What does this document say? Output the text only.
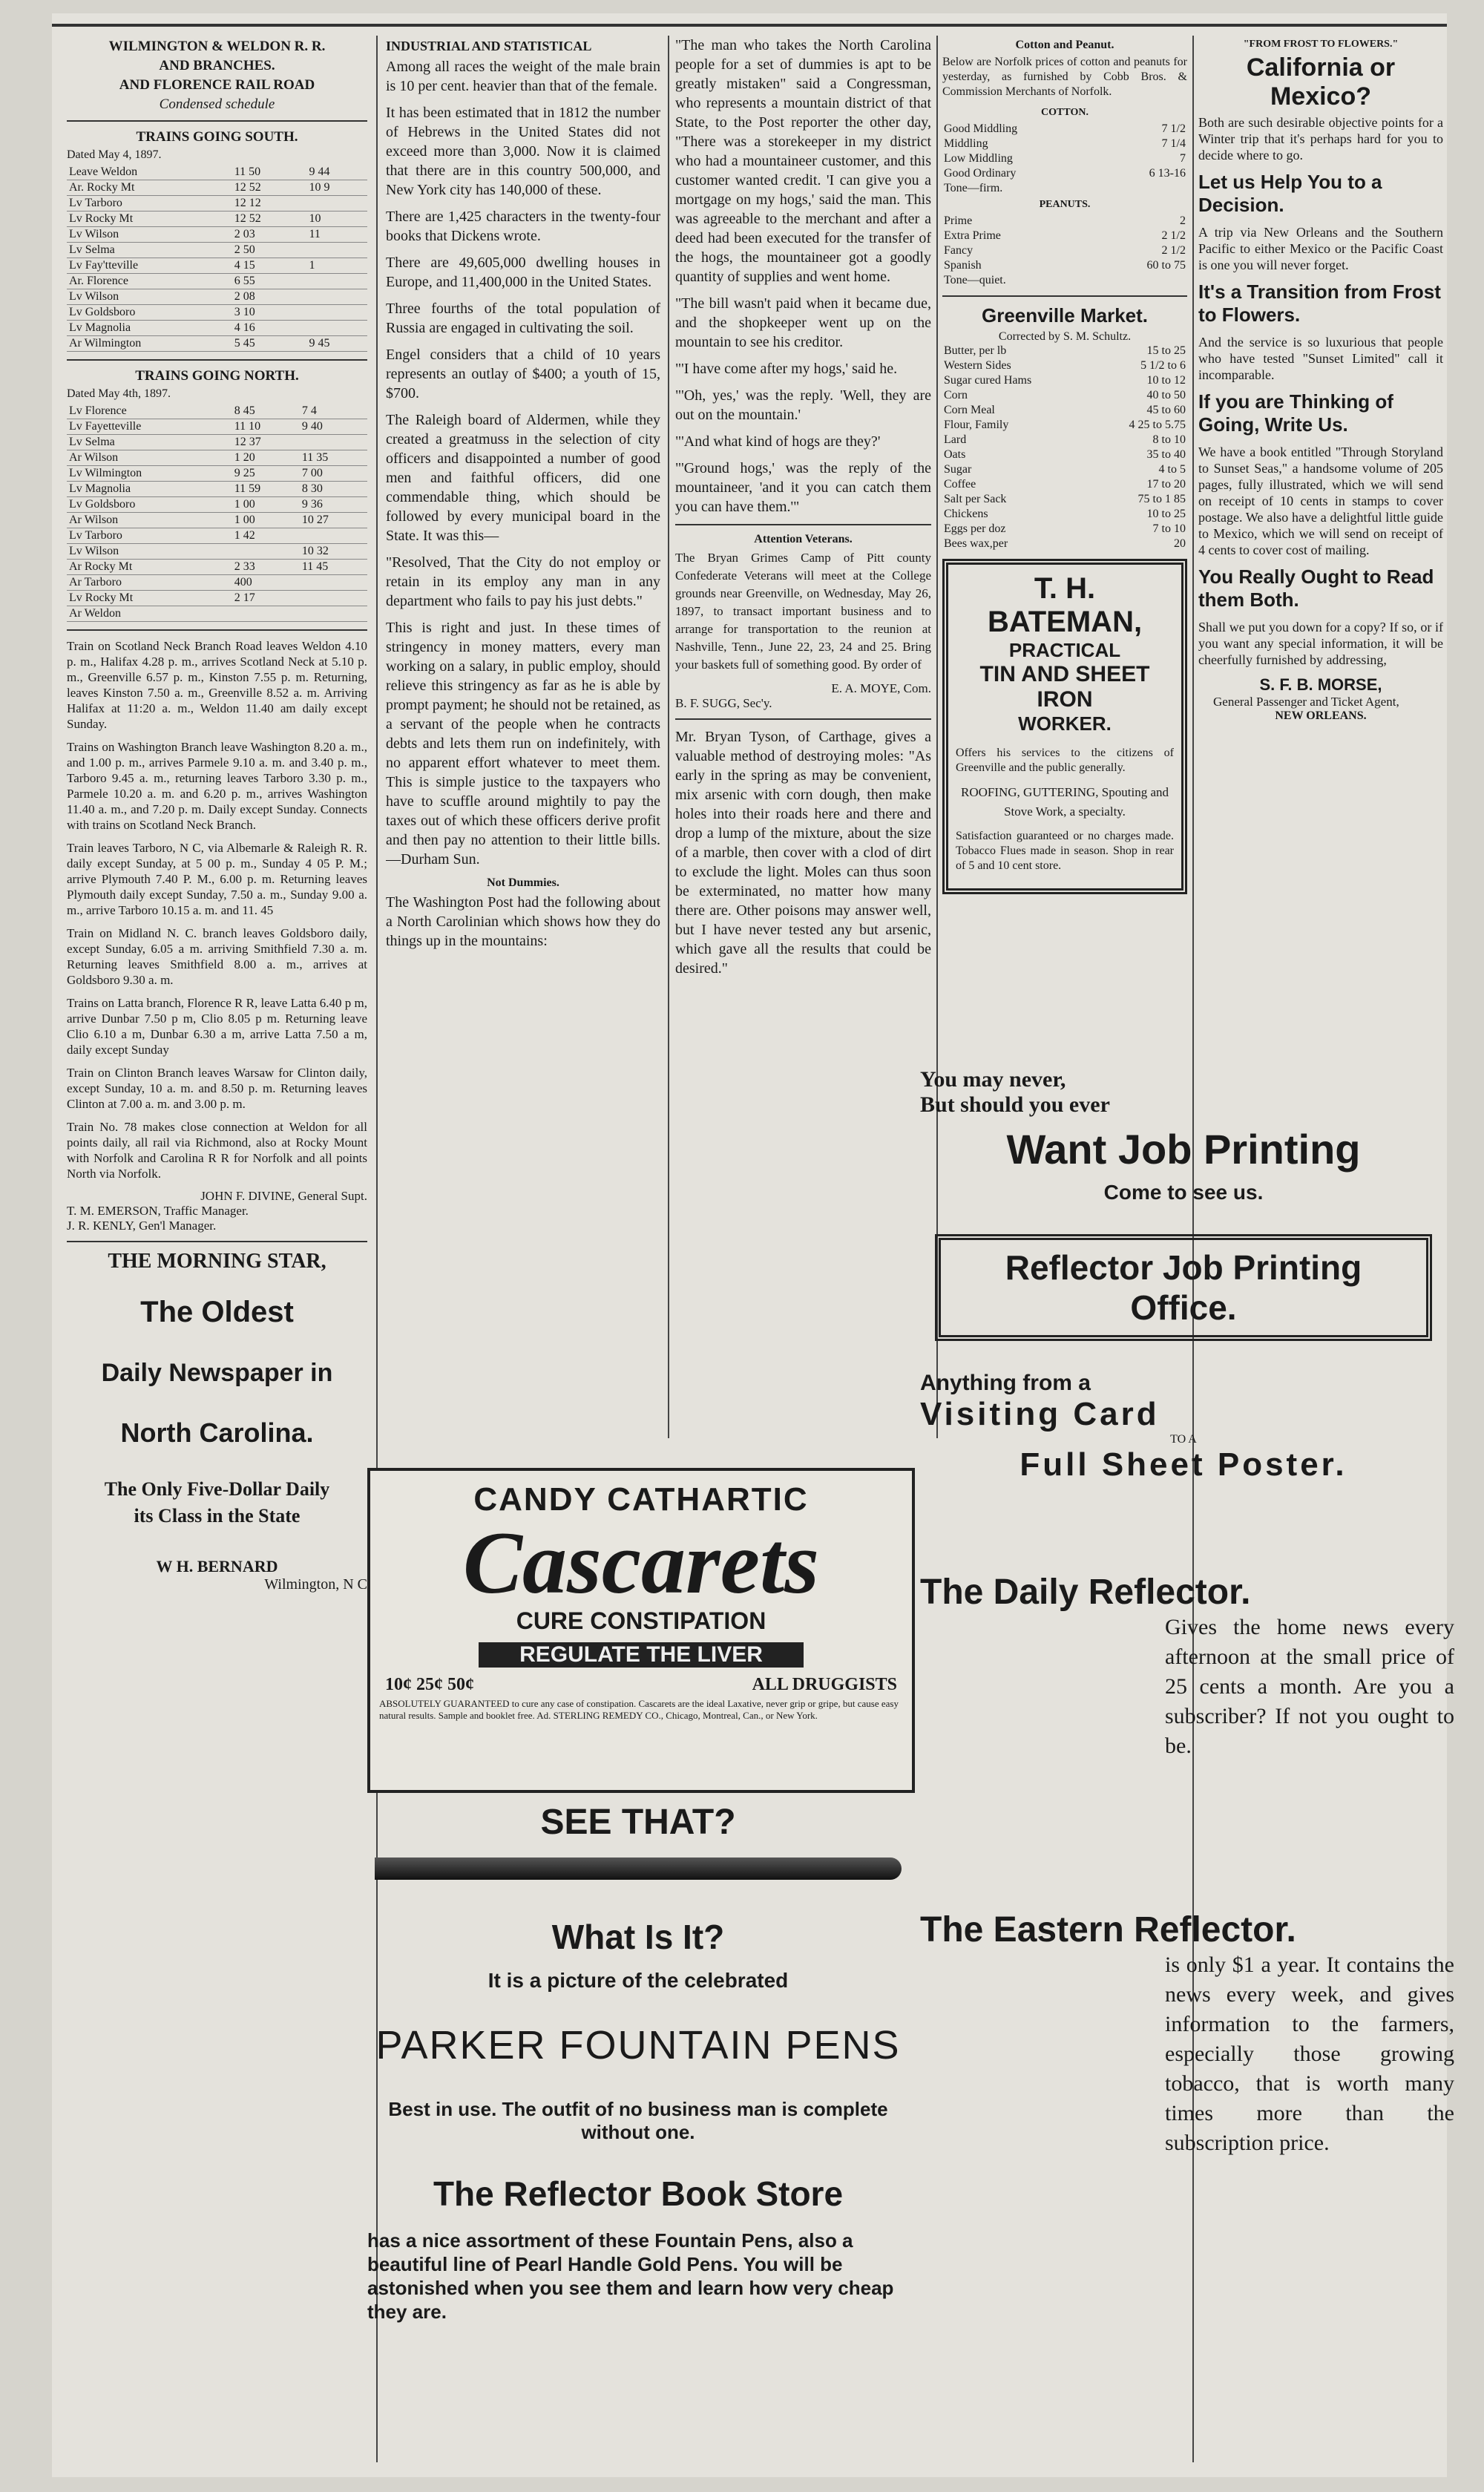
WILMINGTON & WELDON R. R.
AND BRANCHES.
AND FLORENCE RAIL ROAD
Condensed schedule
TRAINS GOING SOUTH.
Dated May 4, 1897.
Leave Weldon	11 50	9 44
Ar. Rocky Mt	12 52	10 9
Lv Tarboro	12 12	
Lv Rocky Mt	12 52	10
Lv Wilson	2 03	11
Lv Selma	2 50	
Lv Fay'tteville	4 15	1
Ar. Florence	6 55	
Lv Wilson	2 08	
Lv Goldsboro	3 10	
Lv Magnolia	4 16	
Ar Wilmington	5 45	9 45
TRAINS GOING NORTH.
Dated May 4th, 1897.
Lv Florence	8 45	7 4
Lv Fayetteville	11 10	9 40
Lv Selma	12 37	
Ar Wilson	1 20	11 35
Lv Wilmington	9 25	7 00
Lv Magnolia	11 59	8 30
Lv Goldsboro	1 00	9 36
Ar Wilson	1 00	10 27
Lv Tarboro	1 42	
Lv Wilson		10 32
Ar Rocky Mt	2 33	11 45
Ar Tarboro	400	
Lv Rocky Mt	2 17	
Ar Weldon		

Train on Scotland Neck Branch Road leaves Weldon 4.10 p. m., Halifax 4.28 p. m., arrives Scotland Neck at 5.10 p. m., Greenville 6.57 p. m., Kinston 7.55 p. m. Returning, leaves Kinston 7.50 a. m., Greenville 8.52 a. m. Arriving Halifax at 11:20 a. m., Weldon 11.40 am daily except Sunday.

Trains on Washington Branch leave Washington 8.20 a. m., and 1.00 p. m., arrives Parmele 9.10 a. m. and 3.40 p. m., Tarboro 9.45 a. m., returning leaves Tarboro 3.30 p. m., Parmele 10.20 a. m. and 6.20 p. m., arrives Washington 11.40 a. m., and 7.20 p. m. Daily except Sunday. Connects with trains on Scotland Neck Branch.

Train leaves Tarboro, N C, via Albemarle & Raleigh R. R. daily except Sunday, at 5 00 p. m., Sunday 4 05 P. M.; arrive Plymouth 7.40 P. M., 6.00 p. m. Returning leaves Plymouth daily except Sunday, 7.50 a. m., Sunday 9.00 a. m., arrive Tarboro 10.15 a. m. and 11. 45

Train on Midland N. C. branch leaves Goldsboro daily, except Sunday, 6.05 a m. arriving Smithfield 7.30 a. m. Returning leaves Smithfield 8.00 a. m., arrives at Goldsboro 9.30 a. m.

Trains on Latta branch, Florence R R, leave Latta 6.40 p m, arrive Dunbar 7.50 p m, Clio 8.05 p m. Returning leave Clio 6.10 a m, Dunbar 6.30 a m, arrive Latta 7.50 a m, daily except Sunday

Train on Clinton Branch leaves Warsaw for Clinton daily, except Sunday, 10 a. m. and 8.50 p. m. Returning leaves Clinton at 7.00 a. m. and 3.00 p. m.

Train No. 78 makes close connection at Weldon for all points daily, all rail via Richmond, also at Rocky Mount with Norfolk and Carolina R R for Norfolk and all points North via Norfolk.

JOHN F. DIVINE, General Supt.
T. M. EMERSON, Traffic Manager.
J. R. KENLY, Gen'l Manager.
THE MORNING STAR,
The Oldest
Daily Newspaper in
North Carolina.
The Only Five-Dollar Daily
its Class in the State
W H. BERNARD
Wilmington, N C
INDUSTRIAL AND STATISTICAL

Among all races the weight of the male brain is 10 per cent. heavier than that of the female.

It has been estimated that in 1812 the number of Hebrews in the United States did not exceed more than 3,000. Now it is claimed that there are in this country 500,000, and New York city has 140,000 of these.

There are 1,425 characters in the twenty-four books that Dickens wrote.

There are 49,605,000 dwelling houses in Europe, and 11,400,000 in the United States.

Three fourths of the total population of Russia are engaged in cultivating the soil.

Engel considers that a child of 10 years represents an outlay of $400; a youth of 15, $700.

The Raleigh board of Aldermen, while they created a greatmuss in the selection of city officers and disappointed a number of good men and faithful officers, did one commendable thing, which should be followed by every municipal board in the State. It was this—

"Resolved, That the City do not employ or retain in its employ any man in any department who fails to pay his just debts."

This is right and just. In these times of stringency in money matters, every man working on a salary, in public employ, should relieve this stringency as far as he is able by prompt payment; he should not be retained, as a servant of the people when he contracts debts and lets them run on indefinitely, with no apparent effort whatever to meet them. This is simple justice to the taxpayers who have to scuffle around mightily to pay the taxes out of which these officers derive profit and then pay no attention to their little bills.—Durham Sun.

Not Dummies.

The Washington Post had the following about a North Carolinian which shows how they do things up in the mountains:

"The man who takes the North Carolina people for a set of dummies is apt to be greatly mistaken" said a Congressman, who represents a mountain district of that State, to the Post reporter the other day, "There was a storekeeper in my district who had a mountaineer customer, and this customer wanted credit. 'I can give you a mortgage on my hogs,' said the man. This was agreeable to the merchant and after a deed had been executed for the transfer of the hogs, the mountaineer got a goodly quantity of supplies and went home.

"The bill wasn't paid when it became due, and the shopkeeper went up on the mountain to see his creditor.

"'I have come after my hogs,' said he.

"'Oh, yes,' was the reply. 'Well, they are out on the mountain.'

"'And what kind of hogs are they?'

"'Ground hogs,' was the reply of the mountaineer, 'and it you can catch them you can have them.'"

Attention Veterans.

The Bryan Grimes Camp of Pitt county Confederate Veterans will meet at the College grounds near Greenville, on Wednesday, May 26, 1897, to transact important business and to arrange for transportation to the reunion at Nashville, Tenn., June 22, 23, 24 and 25. Bring your baskets full of something good. By order of

E. A. MOYE, Com.
B. F. SUGG, Sec'y.

Mr. Bryan Tyson, of Carthage, gives a valuable method of destroying moles: "As early in the spring as may be convenient, mix arsenic with corn dough, then make holes into their roads here and there and drop a lump of the mixture, about the size of a marble, then cover with a clod of dirt to exclude the light. Moles can thus soon be exterminated, no matter how many there are. Other poisons may answer well, but I have never tested any but arsenic, which gave all the results that could be desired."

Cotton and Peanut.

Below are Norfolk prices of cotton and peanuts for yesterday, as furnished by Cobb Bros. & Commission Merchants of Norfolk.

COTTON.
Good Middling	7 1/2
Middling	7 1/4
Low Middling	7
Good Ordinary	6 13-16
Tone—firm.	
PEANUTS.
Prime	2
Extra Prime	2 1/2
Fancy	2 1/2
Spanish	60 to 75
Tone—quiet.	
Greenville Market.
Corrected by S. M. Schultz.
Butter, per lb	15 to 25
Western Sides	5 1/2 to 6
Sugar cured Hams	10 to 12
Corn	40 to 50
Corn Meal	45 to 60
Flour, Family	4 25 to 5.75
Lard	8 to 10
Oats	35 to 40
Sugar	4 to 5
Coffee	17 to 20
Salt per Sack	75 to 1 85
Chickens	10 to 25
Eggs per doz	7 to 10
Bees wax,per	20
T. H. BATEMAN,
PRACTICAL
TIN AND SHEET IRON
WORKER.

Offers his services to the citizens of Greenville and the public generally.

ROOFING, GUTTERING, Spouting and Stove Work, a specialty.

Satisfaction guaranteed or no charges made. Tobacco Flues made in season. Shop in rear of 5 and 10 cent store.

"FROM FROST TO FLOWERS."
California or Mexico?

Both are such desirable objective points for a Winter trip that it's perhaps hard for you to decide where to go.

Let us Help You to a Decision.

A trip via New Orleans and the Southern Pacific to either Mexico or the Pacific Coast is one you will never forget.

It's a Transition from Frost to Flowers.

And the service is so luxurious that people who have tested "Sunset Limited" call it incomparable.

If you are Thinking of Going, Write Us.

We have a book entitled "Through Storyland to Sunset Seas," a handsome volume of 205 pages, fully illustrated, which we will send on receipt of 10 cents in stamps to cover postage. We also have a delightful little guide to Mexico, which we will send on receipt of 4 cents to cover cost of mailing.

You Really Ought to Read them Both.

Shall we put you down for a copy? If so, or if you want any special information, it will be cheerfully furnished by addressing,

S. F. B. MORSE,
General Passenger and Ticket Agent,
NEW ORLEANS.
CANDY CATHARTIC
Cascarets
CURE CONSTIPATION
REGULATE THE LIVER
10¢ 25¢ 50¢	ALL DRUGGISTS
ABSOLUTELY GUARANTEED to cure any case of constipation. Cascarets are the ideal Laxative, never grip or gripe, but cause easy natural results. Sample and booklet free. Ad. STERLING REMEDY CO., Chicago, Montreal, Can., or New York.
SEE THAT?
What Is It?
It is a picture of the celebrated
PARKER FOUNTAIN PENS
Best in use. The outfit of no business man is complete without one.
The Reflector Book Store
has a nice assortment of these Fountain Pens, also a beautiful line of Pearl Handle Gold Pens. You will be astonished when you see them and learn how very cheap they are.
You may never,
But should you ever
Want Job Printing
Come to see us.
Reflector Job Printing Office.
Anything from a
Visiting Card
TO A
Full Sheet Poster.
The Daily Reflector.

Gives the home news every afternoon at the small price of 25 cents a month. Are you a subscriber? If not you ought to be.

The Eastern Reflector.

is only $1 a year. It contains the news every week, and gives information to the farmers, especially those growing tobacco, that is worth many times more than the subscription price.
